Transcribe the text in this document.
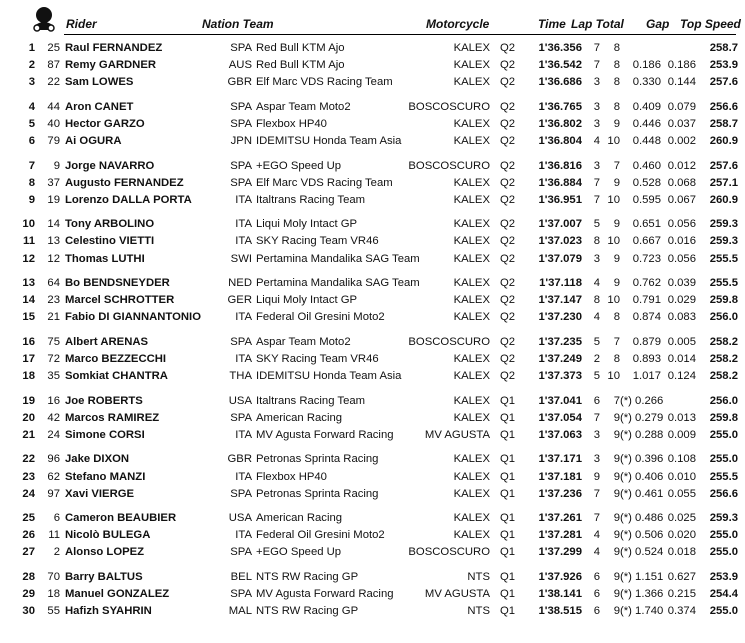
Rider	Nation Team	Motorcycle	Time Lap Total Gap Top Speed
1	25 Raul FERNANDEZ	SPA Red Bull KTM Ajo	KALEX Q2	1'36.356	7	8	258.7
2	87 Remy GARDNER	AUS Red Bull KTM Ajo	KALEX Q2	1'36.542	7	8	0.186 0.186	253.9
3	22 Sam LOWES	GBR Elf Marc VDS Racing Team	KALEX Q2	1'36.686	3	8	0.330 0.144	257.6
4	44 Aron CANET	SPA Aspar Team Moto2	BOSCOSCURO Q2	1'36.765	3	8	0.409 0.079	256.6
5	40 Hector GARZO	SPA Flexbox HP40	KALEX Q2	1'36.802	3	9	0.446 0.037	258.7
6	79 Ai OGURA	JPN IDEMITSU Honda Team Asia	KALEX Q2	1'36.804	4 10	0.448 0.002	260.9
7	9 Jorge NAVARRO	SPA +EGO Speed Up	BOSCOSCURO Q2	1'36.816	3	7	0.460 0.012	257.6
8	37 Augusto FERNANDEZ	SPA Elf Marc VDS Racing Team	KALEX Q2	1'36.884	7	9	0.528 0.068	257.1
9	19 Lorenzo DALLA PORTA	ITA Italtrans Racing Team	KALEX Q2	1'36.951	7 10	0.595 0.067	260.9
10	14 Tony ARBOLINO	ITA Liqui Moly Intact GP	KALEX Q2	1'37.007	5	9	0.651 0.056	259.3
11	13 Celestino VIETTI	ITA SKY Racing Team VR46	KALEX Q2	1'37.023	8 10	0.667 0.016	259.3
12	12 Thomas LUTHI	SWI Pertamina Mandalika SAG Team	KALEX Q2	1'37.079	3	9	0.723 0.056	255.5
13	64 Bo BENDSNEYDER	NED Pertamina Mandalika SAG Team	KALEX Q2	1'37.118	4	9	0.762 0.039	255.5
14	23 Marcel SCHROTTER	GER Liqui Moly Intact GP	KALEX Q2	1'37.147	8 10	0.791 0.029	259.8
15	21 Fabio DI GIANNANTONIO	ITA Federal Oil Gresini Moto2	KALEX Q2	1'37.230	4	8	0.874 0.083	256.0
16	75 Albert ARENAS	SPA Aspar Team Moto2	BOSCOSCURO Q2	1'37.235	5	7	0.879 0.005	258.2
17	72 Marco BEZZECCHI	ITA SKY Racing Team VR46	KALEX Q2	1'37.249	2	8	0.893 0.014	258.2
18	35 Somkiat CHANTRA	THA IDEMITSU Honda Team Asia	KALEX Q2	1'37.373	5 10	1.017 0.124	258.2
19	16 Joe ROBERTS	USA Italtrans Racing Team	KALEX Q1	1'37.041	6	7 (*) 0.266	256.0
20	42 Marcos RAMIREZ	SPA American Racing	KALEX Q1	1'37.054	7	9 (*) 0.279 0.013	259.8
21	24 Simone CORSI	ITA MV Agusta Forward Racing	MV AGUSTA Q1	1'37.063	3	9 (*) 0.288 0.009	255.0
22	96 Jake DIXON	GBR Petronas Sprinta Racing	KALEX Q1	1'37.171	3	9 (*) 0.396 0.108	255.0
23	62 Stefano MANZI	ITA Flexbox HP40	KALEX Q1	1'37.181	9	9 (*) 0.406 0.010	255.5
24	97 Xavi VIERGE	SPA Petronas Sprinta Racing	KALEX Q1	1'37.236	7	9 (*) 0.461 0.055	256.6
25	6 Cameron BEAUBIER	USA American Racing	KALEX Q1	1'37.261	7	9 (*) 0.486 0.025	259.3
26	11 Nicolò BULEGA	ITA Federal Oil Gresini Moto2	KALEX Q1	1'37.281	4	9 (*) 0.506 0.020	255.0
27	2 Alonso LOPEZ	SPA +EGO Speed Up	BOSCOSCURO Q1	1'37.299	4	9 (*) 0.524 0.018	255.0
28	70 Barry BALTUS	BEL NTS RW Racing GP	NTS Q1	1'37.926	6	9 (*) 1.151 0.627	253.9
29	18 Manuel GONZALEZ	SPA MV Agusta Forward Racing	MV AGUSTA Q1	1'38.141	6	9 (*) 1.366 0.215	254.4
30	55 Hafizh SYAHRIN	MAL NTS RW Racing GP	NTS Q1	1'38.515	6	9 (*) 1.740 0.374	255.0
